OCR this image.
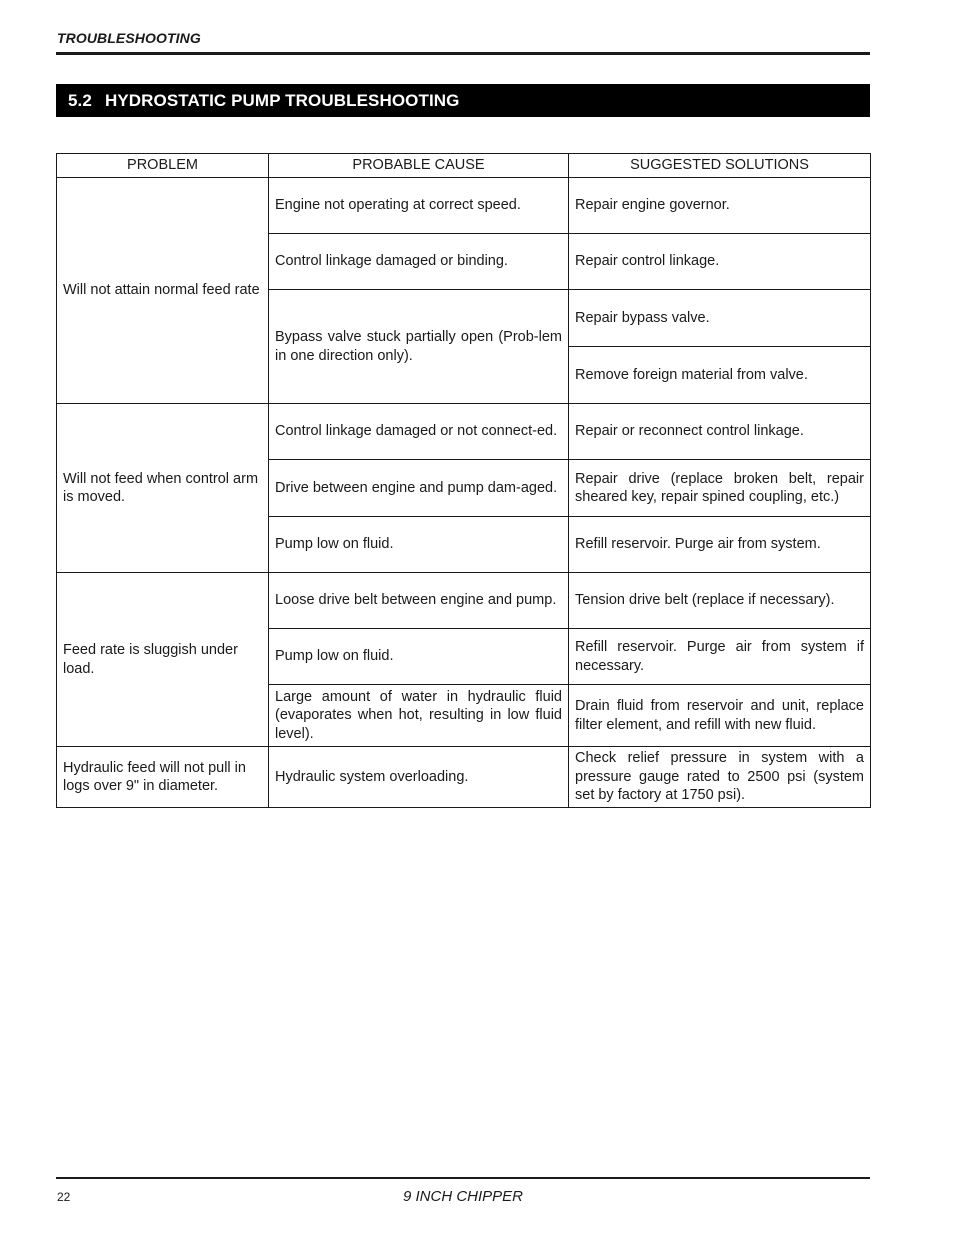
TROUBLESHOOTING
5.2 HYDROSTATIC PUMP TROUBLESHOOTING
PROBLEM	PROBABLE CAUSE	SUGGESTED SOLUTIONS
Will not attain normal feed rate	Engine not operating at correct speed.	Repair engine governor.
	Control linkage damaged or binding.	Repair control linkage.
	Bypass valve stuck partially open (Prob-lem in one direction only).	Repair bypass valve.
		Remove foreign material from valve.

Will not feed when control arm is moved.	Control linkage damaged or not connect-ed.	Repair or reconnect control linkage.
	Drive between engine and pump dam-aged.	Repair drive (replace broken belt, repair sheared key, repair spined coupling, etc.)
	Pump low on fluid.	Refill reservoir. Purge air from system.
Feed rate is sluggish under load.	Loose drive belt between engine and pump.	Tension drive belt (replace if necessary).
	Pump low on fluid.	Refill reservoir. Purge air from system if necessary.
	Large amount of water in hydraulic fluid (evaporates when hot, resulting in low fluid level).	Drain fluid from reservoir and unit, replace filter element, and refill with new fluid.
Hydraulic feed will not pull in logs over 9" in diameter.	Hydraulic system overloading.	Check relief pressure in system with a pressure gauge rated to 2500 psi (system set by factory at 1750 psi).
22	9 INCH CHIPPER
